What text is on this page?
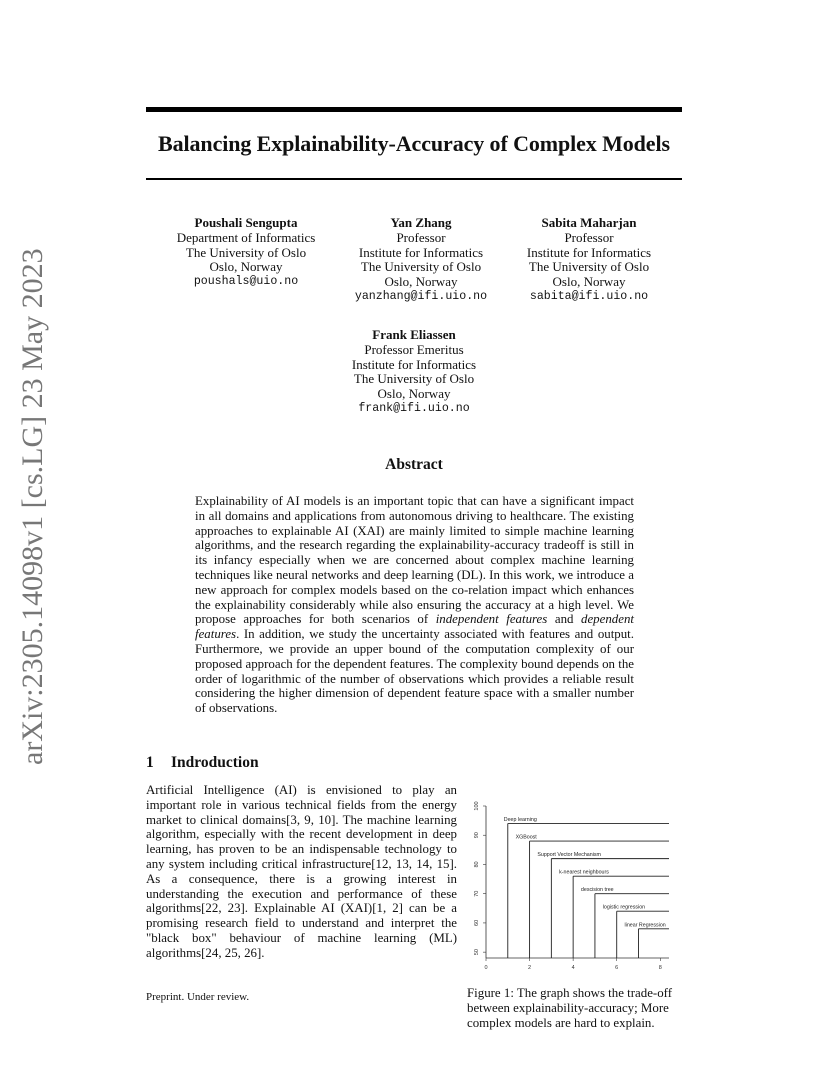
Balancing Explainability-Accuracy of Complex Models
arXiv:2305.14098v1 [cs.LG] 23 May 2023
Poushali Sengupta
Department of Informatics
The University of Oslo
Oslo, Norway
poushals@uio.no
Yan Zhang
Professor
Institute for Informatics
The University of Oslo
Oslo, Norway
yanzhang@ifi.uio.no
Sabita Maharjan
Professor
Institute for Informatics
The University of Oslo
Oslo, Norway
sabita@ifi.uio.no
Frank Eliassen
Professor Emeritus
Institute for Informatics
The University of Oslo
Oslo, Norway
frank@ifi.uio.no
Abstract
Explainability of AI models is an important topic that can have a significant impact in all domains and applications from autonomous driving to healthcare. The existing approaches to explainable AI (XAI) are mainly limited to simple machine learning algorithms, and the research regarding the explainability-accuracy tradeoff is still in its infancy especially when we are concerned about complex machine learning techniques like neural networks and deep learning (DL). In this work, we introduce a new approach for complex models based on the co-relation impact which enhances the explainability considerably while also ensuring the accuracy at a high level. We propose approaches for both scenarios of independent features and dependent features. In addition, we study the uncertainty associated with features and output. Furthermore, we provide an upper bound of the computation complexity of our proposed approach for the dependent features. The complexity bound depends on the order of logarithmic of the number of observations which provides a reliable result considering the higher dimension of dependent feature space with a smaller number of observations.
1 Indroduction
Artificial Intelligence (AI) is envisioned to play an important role in various technical fields from the energy market to clinical domains[3, 9, 10]. The machine learning algorithm, especially with the recent development in deep learning, has proven to be an indispensable technology to any system including critical infrastructure[12, 13, 14, 15]. As a consequence, there is a growing interest in understanding the execution and performance of these algorithms[22, 23]. Explainable AI (XAI)[1, 2] can be a promising research field to understand and interpret the "black box" behaviour of machine learning (ML) algorithms[24, 25, 26].
0	2	4	6	8
50
60
70
80
90
100
Deep learning
XGBoost
Support Vector Mechanism
k-nearest neighbours
descision tree
logistic regression
linear Regression
Figure 1: The graph shows the trade-off between explainability-accuracy; More complex models are hard to explain.
Preprint. Under review.
